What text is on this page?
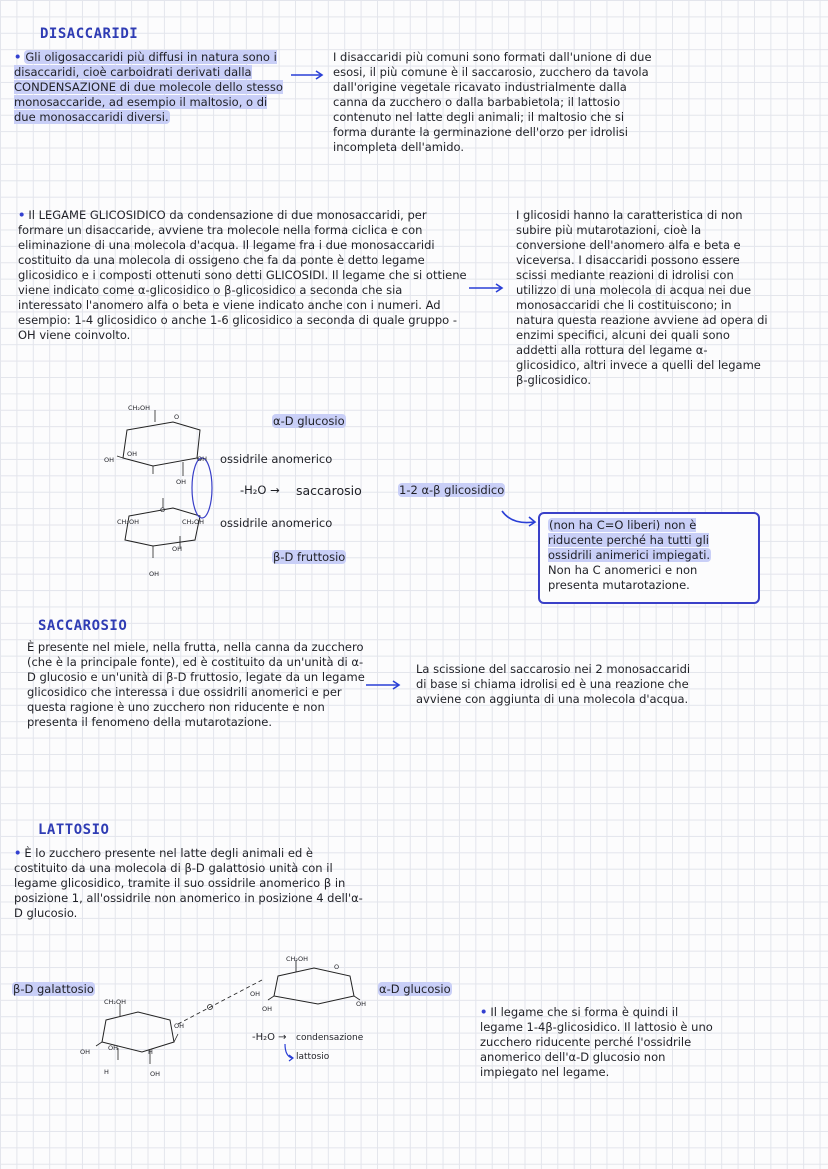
DISACCARIDI
• Gli oligosaccaridi più diffusi in natura sono i disaccaridi, cioè carboidrati derivati dalla CONDENSAZIONE di due molecole dello stesso monosaccaride, ad esempio il maltosio, o di due monosaccaridi diversi.
I disaccaridi più comuni sono formati dall'unione di due esosi, il più comune è il saccarosio, zucchero da tavola dall'origine vegetale ricavato industrialmente dalla canna da zucchero o dalla barbabietola; il lattosio contenuto nel latte degli animali; il maltosio che si forma durante la germinazione dell'orzo per idrolisi incompleta dell'amido.
• Il LEGAME GLICOSIDICO da condensazione di due monosaccaridi, per formare un disaccaride, avviene tra molecole nella forma ciclica e con eliminazione di una molecola d'acqua. Il legame fra i due monosaccaridi costituito da una molecola di ossigeno che fa da ponte è detto legame glicosidico e i composti ottenuti sono detti GLICOSIDI. Il legame che si ottiene viene indicato come α-glicosidico o β-glicosidico a seconda che sia interessato l'anomero alfa o beta e viene indicato anche con i numeri. Ad esempio: 1-4 glicosidico o anche 1-6 glicosidico a seconda di quale gruppo -OH viene coinvolto.
I glicosidi hanno la caratteristica di non subire più mutarotazioni, cioè la conversione dell'anomero alfa e beta e viceversa. I disaccaridi possono essere scissi mediante reazioni di idrolisi con utilizzo di una molecola di acqua nei due monosaccaridi che li costituiscono; in natura questa reazione avviene ad opera di enzimi specifici, alcuni dei quali sono addetti alla rottura del legame α-glicosidico, altri invece a quelli del legame β-glicosidico.
CH₂OH
O
OH
OH
OH
OH
O
CH₂OH	CH₂OH
OH
OH
α-D glucosio
ossidrile anomerico
-H₂O → saccarosio	1-2 α-β glicosidico
ossidrile anomerico
β-D fruttosio

(non ha C=O liberi) non è riducente perché ha tutti gli ossidrili animerici impiegati.

Non ha C anomerici e non presenta mutarotazione.

SACCAROSIO
È presente nel miele, nella frutta, nella canna da zucchero (che è la principale fonte), ed è costituito da un'unità di α-D glucosio e un'unità di β-D fruttosio, legate da un legame glicosidico che interessa i due ossidrili anomerici e per questa ragione è uno zucchero non riducente e non presenta il fenomeno della mutarotazione.
La scissione del saccarosio nei 2 monosaccaridi di base si chiama idrolisi ed è una reazione che avviene con aggiunta di una molecola d'acqua.
LATTOSIO
• È lo zucchero presente nel latte degli animali ed è costituito da una molecola di β-D galattosio unità con il legame glicosidico, tramite il suo ossidrile anomerico β in posizione 1, all'ossidrile non anomerico in posizione 4 dell'α-D glucosio.
CH₂OH
CH₂OH
O
OH
OH	OH
OH
OH
OH
OH
H
H
β-D galattosio	α-D glucosio
-H₂O → condensazione
lattosio
• Il legame che si forma è quindi il legame 1-4β-glicosidico. Il lattosio è uno zucchero riducente perché l'ossidrile anomerico dell'α-D glucosio non impiegato nel legame.
